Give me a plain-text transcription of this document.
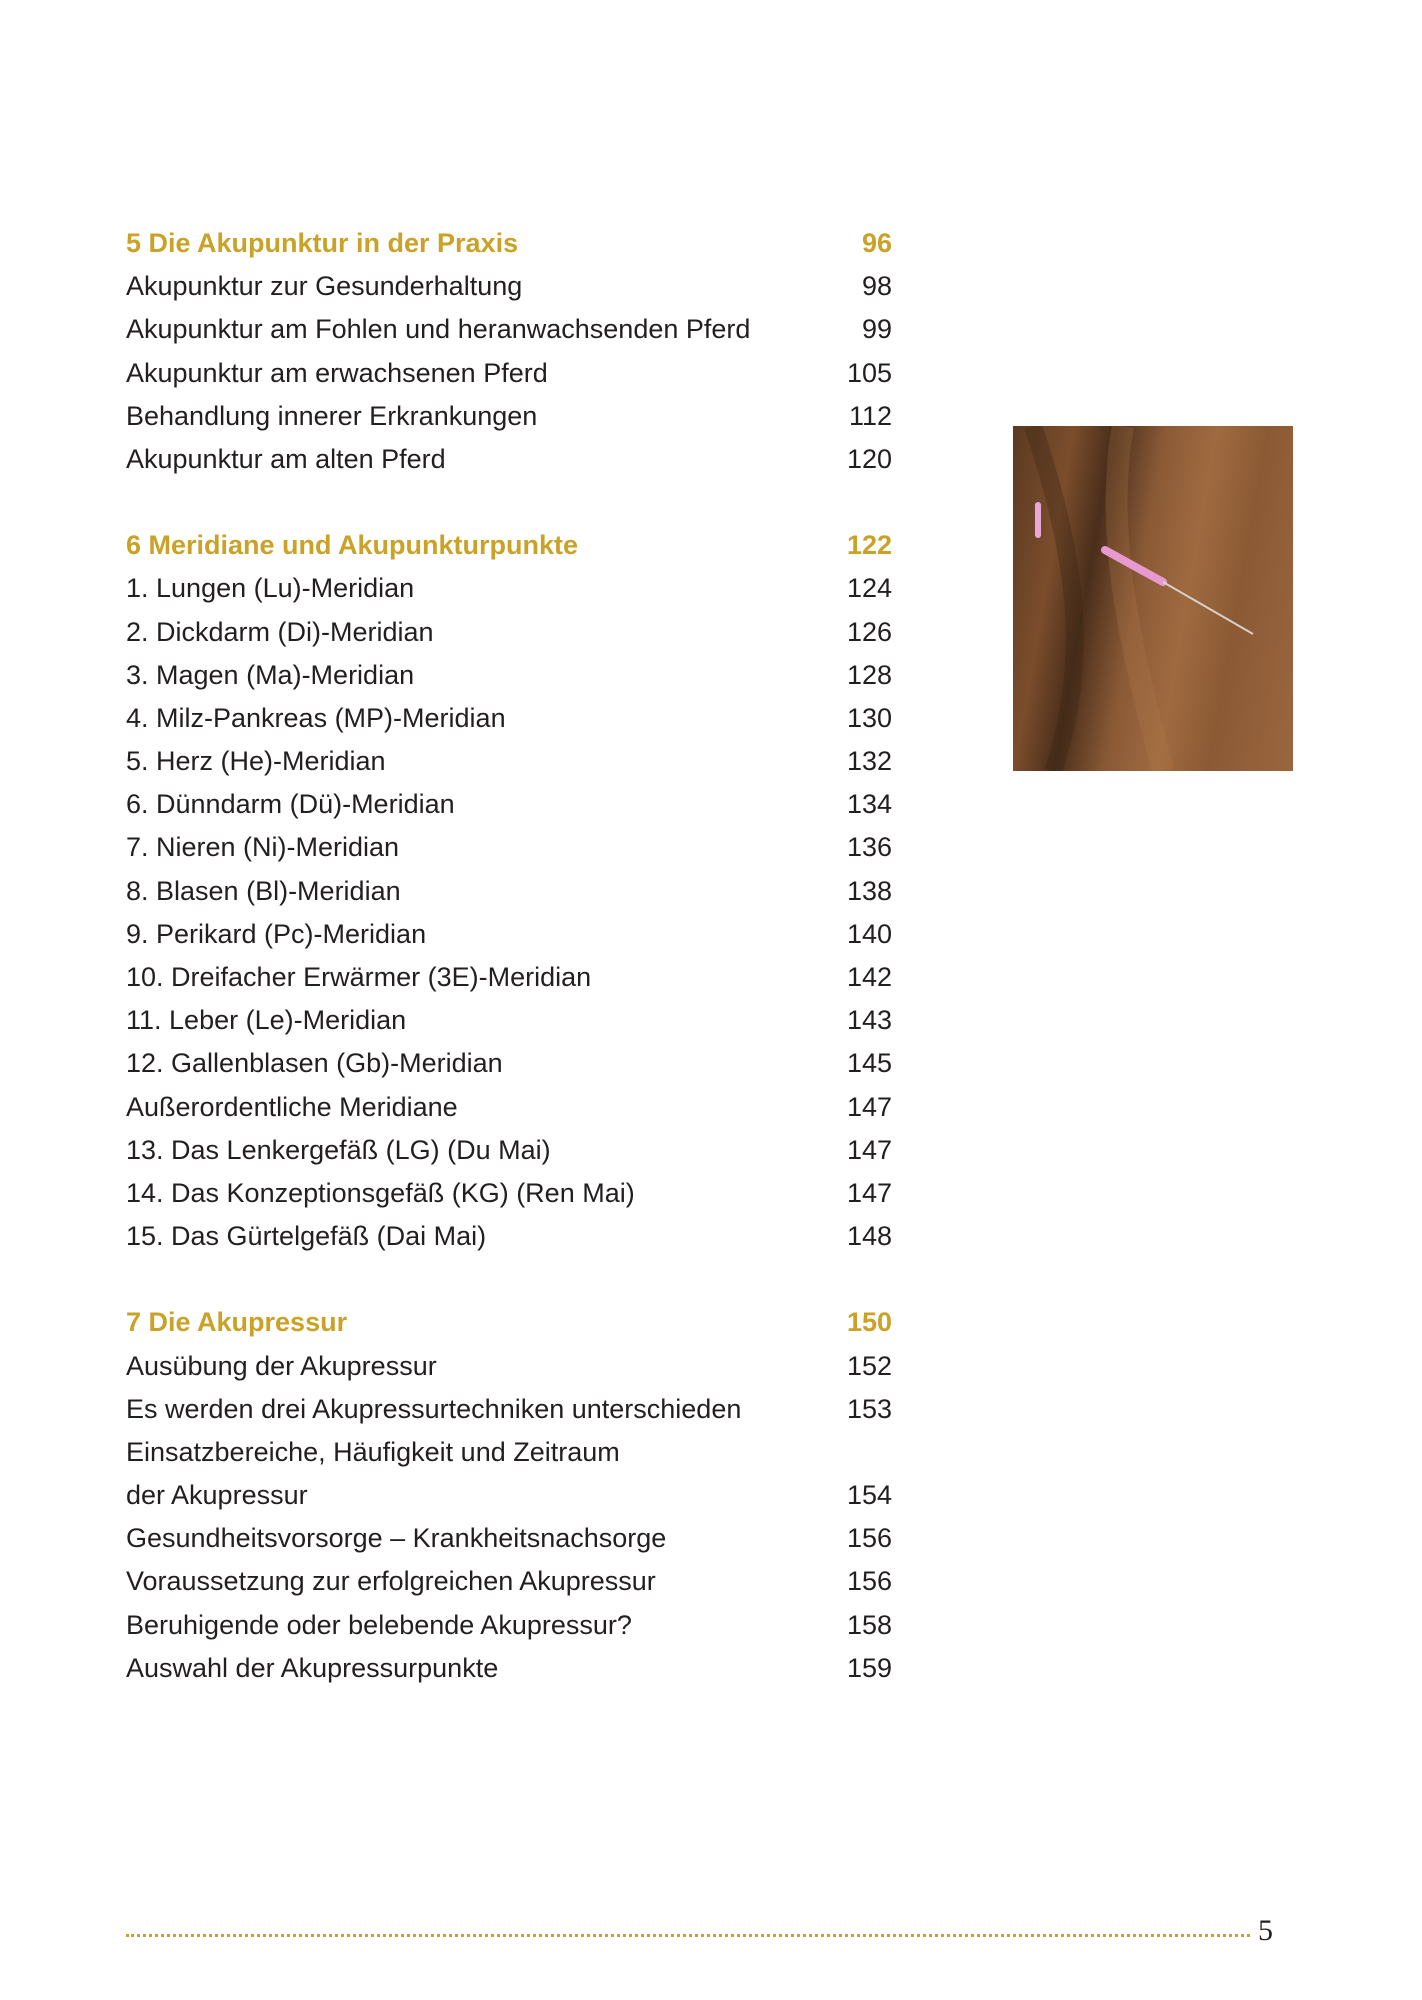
5 Die Akupunktur in der Praxis	96
Akupunktur zur Gesunderhaltung	98
Akupunktur am Fohlen und heranwachsenden Pferd	99
Akupunktur am erwachsenen Pferd	105
Behandlung innerer Erkrankungen	112
Akupunktur am alten Pferd	120
6 Meridiane und Akupunkturpunkte	122
1. Lungen (Lu)-Meridian	124
2. Dickdarm (Di)-Meridian	126
3. Magen (Ma)-Meridian	128
4. Milz-Pankreas (MP)-Meridian	130
5. Herz (He)-Meridian	132
6. Dünndarm (Dü)-Meridian	134
7. Nieren (Ni)-Meridian	136
8. Blasen (Bl)-Meridian	138
9. Perikard (Pc)-Meridian	140
10. Dreifacher Erwärmer (3E)-Meridian	142
11. Leber (Le)-Meridian	143
12. Gallenblasen (Gb)-Meridian	145
Außerordentliche Meridiane	147
13. Das Lenkergefäß (LG) (Du Mai)	147
14. Das Konzeptionsgefäß (KG) (Ren Mai)	147
15. Das Gürtelgefäß (Dai Mai)	148
7 Die Akupressur	150
Ausübung der Akupressur	152
Es werden drei Akupressurtechniken unterschieden	153
Einsatzbereiche, Häufigkeit und Zeitraum
der Akupressur	154
Gesundheitsvorsorge – Krankheitsnachsorge	156
Voraussetzung zur erfolgreichen Akupressur	156
Beruhigende oder belebende Akupressur?	158
Auswahl der Akupressurpunkte	159
5
